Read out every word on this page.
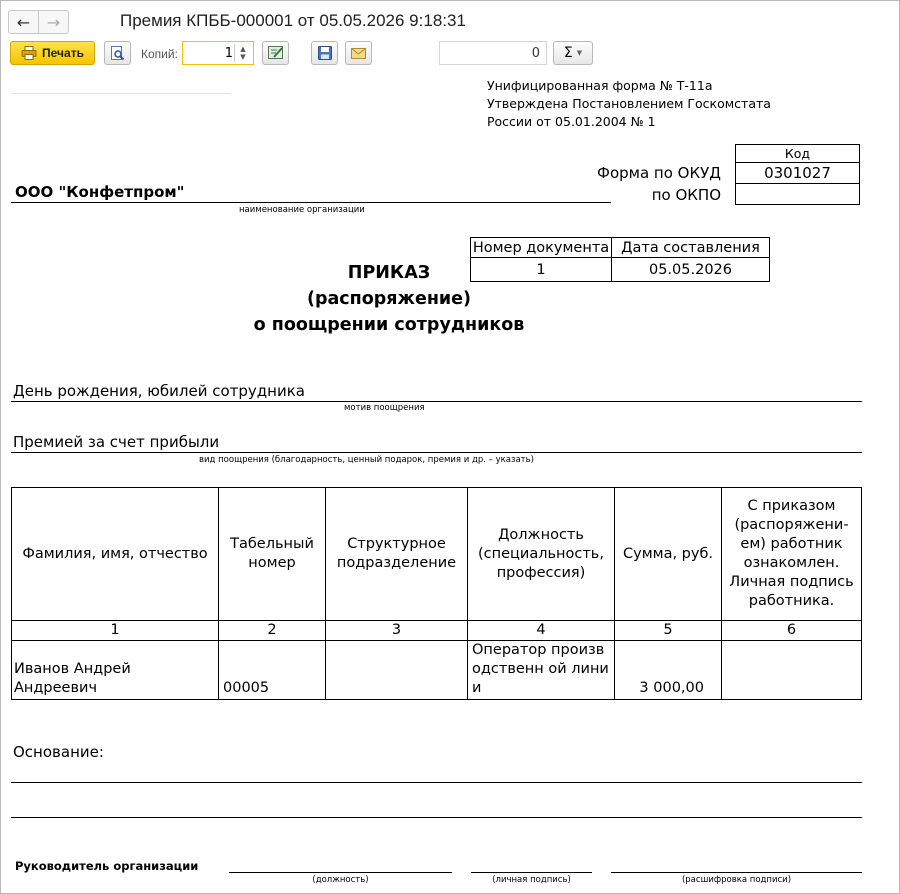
← →	Премия КПББ-000001 от 05.05.2026 9:18:31
Печать	Копий:	1 ▲
▼	0	Σ ▼
Унифицированная форма № Т-11а
Утверждена Постановлением Госкомстата
России от 05.01.2004 № 1
Код
Форма по ОКУД	0301027
по ОКПО
ООО "Конфетпром"
наименование организации
Номер документа	Дата составления
1	05.05.2026
ПРИКАЗ
(распоряжение)
о поощрении сотрудников
День рождения, юбилей сотрудника
мотив поощрения
Премией за счет прибыли
вид поощрения (благодарность, ценный подарок, премия и др. – указать)
Фамилия, имя, отчество	Табельный номер	Структурное подразделение	Должность (специальность, профессия)	Сумма, руб.	С приказом (распоряжени-ем) работник ознакомлен. Личная подпись работника.
1	2	3	4	5	6
Иванов Андрей Андреевич	00005		Оператор производственн ой линии	3 000,00	
Основание:
Руководитель организации
(должность)	(личная подпись)	(расшифровка подписи)
